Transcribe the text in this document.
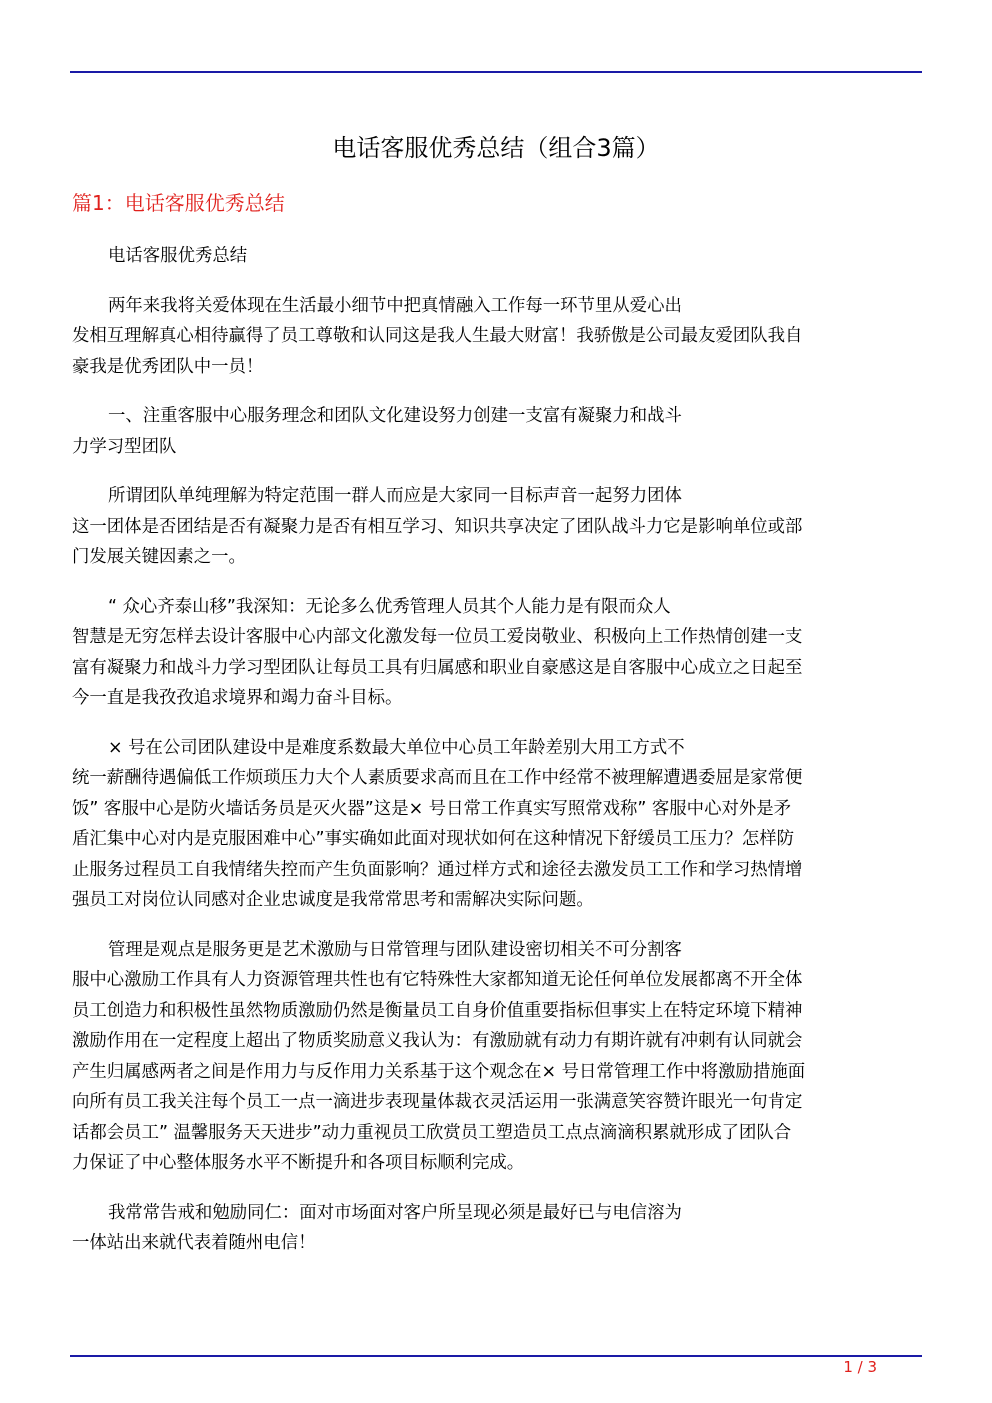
电话客服优秀总结（组合3篇）
篇1：电话客服优秀总结
电话客服优秀总结
两年来我将关爱体现在生活最小细节中把真情融入工作每一环节里从爱心出
发相互理解真心相待赢得了员工尊敬和认同这是我人生最大财富！我骄傲是公司最友爱团队我自
豪我是优秀团队中一员！
一、注重客服中心服务理念和团队文化建设努力创建一支富有凝聚力和战斗
力学习型团队
所谓团队单纯理解为特定范围一群人而应是大家同一目标声音一起努力团体
这一团体是否团结是否有凝聚力是否有相互学习、知识共享决定了团队战斗力它是影响单位或部
门发展关键因素之一。
“ 众心齐泰山移”我深知：无论多么优秀管理人员其个人能力是有限而众人
智慧是无穷怎样去设计客服中心内部文化激发每一位员工爱岗敬业、积极向上工作热情创建一支
富有凝聚力和战斗力学习型团队让每员工具有归属感和职业自豪感这是自客服中心成立之日起至
今一直是我孜孜追求境界和竭力奋斗目标。
× 号在公司团队建设中是难度系数最大单位中心员工年龄差别大用工方式不
统一薪酬待遇偏低工作烦琐压力大个人素质要求高而且在工作中经常不被理解遭遇委屈是家常便
饭” 客服中心是防火墙话务员是灭火器”这是× 号日常工作真实写照常戏称” 客服中心对外是矛
盾汇集中心对内是克服困难中心”事实确如此面对现状如何在这种情况下舒缓员工压力？怎样防
止服务过程员工自我情绪失控而产生负面影响？通过样方式和途径去激发员工工作和学习热情增
强员工对岗位认同感对企业忠诚度是我常常思考和需解决实际问题。
管理是观点是服务更是艺术激励与日常管理与团队建设密切相关不可分割客
服中心激励工作具有人力资源管理共性也有它特殊性大家都知道无论任何单位发展都离不开全体
员工创造力和积极性虽然物质激励仍然是衡量员工自身价值重要指标但事实上在特定环境下精神
激励作用在一定程度上超出了物质奖励意义我认为：有激励就有动力有期许就有冲刺有认同就会
产生归属感两者之间是作用力与反作用力关系基于这个观念在× 号日常管理工作中将激励措施面
向所有员工我关注每个员工一点一滴进步表现量体裁衣灵活运用一张满意笑容赞许眼光一句肯定
话都会员工” 温馨服务天天进步”动力重视员工欣赏员工塑造员工点点滴滴积累就形成了团队合
力保证了中心整体服务水平不断提升和各项目标顺利完成。
我常常告戒和勉励同仁：面对市场面对客户所呈现必须是最好已与电信溶为
一体站出来就代表着随州电信！
1 / 3
